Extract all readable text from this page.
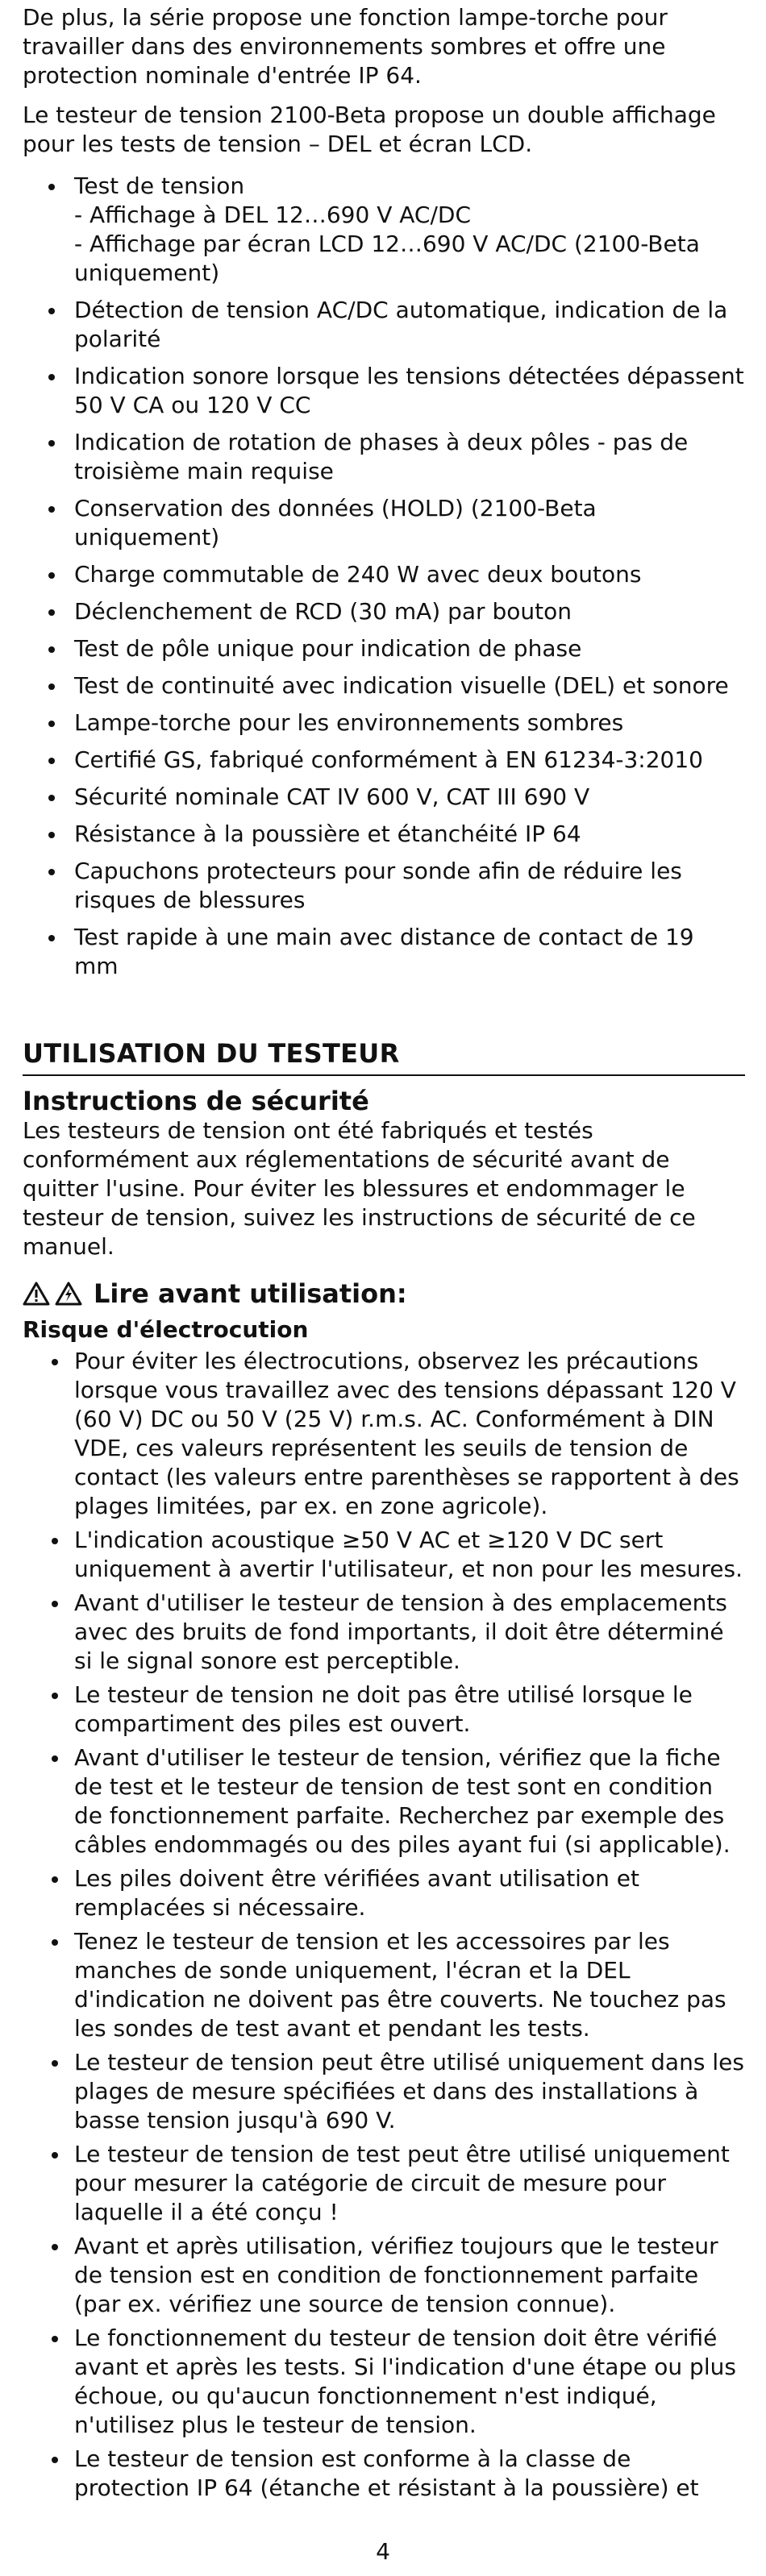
De plus, la série propose une fonction lampe-torche pour travailler dans des environnements sombres et offre une protection nominale d'entrée IP 64.

Le testeur de tension 2100-Beta propose un double affichage pour les tests de tension – DEL et écran LCD.

Test de tension
- Affichage à DEL 12…690 V AC/DC
- Affichage par écran LCD 12…690 V AC/DC (2100-Beta uniquement)
Détection de tension AC/DC automatique, indication de la polarité
Indication sonore lorsque les tensions détectées dépassent 50 V CA ou 120 V CC
Indication de rotation de phases à deux pôles - pas de troisième main requise
Conservation des données (HOLD) (2100-Beta uniquement)
Charge commutable de 240 W avec deux boutons
Déclenchement de RCD (30 mA) par bouton
Test de pôle unique pour indication de phase
Test de continuité avec indication visuelle (DEL) et sonore
Lampe-torche pour les environnements sombres
Certifié GS, fabriqué conformément à EN 61234-3:2010
Sécurité nominale CAT IV 600 V, CAT III 690 V
Résistance à la poussière et étanchéité IP 64
Capuchons protecteurs pour sonde afin de réduire les risques de blessures
Test rapide à une main avec distance de contact de 19 mm
UTILISATION DU TESTEUR
Instructions de sécurité

Les testeurs de tension ont été fabriqués et testés conformément aux réglementations de sécurité avant de quitter l'usine. Pour éviter les blessures et endommager le testeur de tension, suivez les instructions de sécurité de ce manuel.

Lire avant utilisation:
Risque d'électrocution
Pour éviter les électrocutions, observez les précautions lorsque vous travaillez avec des tensions dépassant 120 V (60 V) DC ou 50 V (25 V) r.m.s. AC. Conformément à DIN VDE, ces valeurs représentent les seuils de tension de contact (les valeurs entre parenthèses se rapportent à des plages limitées, par ex. en zone agricole).
L'indication acoustique ≥50 V AC et ≥120 V DC sert uniquement à avertir l'utilisateur, et non pour les mesures.
Avant d'utiliser le testeur de tension à des emplacements avec des bruits de fond importants, il doit être déterminé si le signal sonore est perceptible.
Le testeur de tension ne doit pas être utilisé lorsque le compartiment des piles est ouvert.
Avant d'utiliser le testeur de tension, vérifiez que la fiche de test et le testeur de tension de test sont en condition de fonctionnement parfaite. Recherchez par exemple des câbles endommagés ou des piles ayant fui (si applicable).
Les piles doivent être vérifiées avant utilisation et remplacées si nécessaire.
Tenez le testeur de tension et les accessoires par les manches de sonde uniquement, l'écran et la DEL d'indication ne doivent pas être couverts. Ne touchez pas les sondes de test avant et pendant les tests.
Le testeur de tension peut être utilisé uniquement dans les plages de mesure spécifiées et dans des installations à basse tension jusqu'à 690 V.
Le testeur de tension de test peut être utilisé uniquement pour mesurer la catégorie de circuit de mesure pour laquelle il a été conçu !
Avant et après utilisation, vérifiez toujours que le testeur de tension est en condition de fonctionnement parfaite (par ex. vérifiez une source de tension connue).
Le fonctionnement du testeur de tension doit être vérifié avant et après les tests. Si l'indication d'une étape ou plus échoue, ou qu'aucun fonctionnement n'est indiqué, n'utilisez plus le testeur de tension.
Le testeur de tension est conforme à la classe de protection IP 64 (étanche et résistant à la poussière) et
4
